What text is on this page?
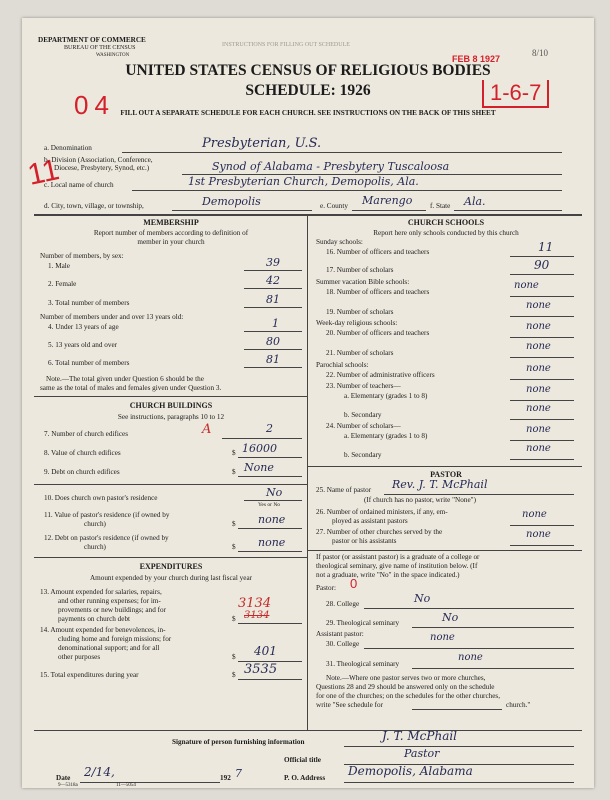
DEPARTMENT OF COMMERCE
BUREAU OF THE CENSUS
WASHINGTON
INSTRUCTIONS FOR FILLING OUT SCHEDULE
UNITED STATES CENSUS OF RELIGIOUS BODIES
SCHEDULE: 1926
FILL OUT A SEPARATE SCHEDULE FOR EACH CHURCH. SEE INSTRUCTIONS ON THE BACK OF THIS SHEET
FEB 8 1927
04	1-6-7
8/10
11
a. Denomination	Presbyterian, U.S.
b. Division (Association, Conference,
Diocese, Presbytery, Synod, etc.)	Synod of Alabama - Presbytery Tuscaloosa
c. Local name of church	1st Presbyterian Church, Demopolis, Ala.
d. City, town, village, or township,	Demopolis	e. County Marengo f. State Ala.
MEMBERSHIP
Report number of members according to definition of
member in your church
Number of members, by sex:
1. Male	39
2. Female	42
3. Total number of members	81
Number of members under and over 13 years old:
4. Under 13 years of age	1
5. 13 years old and over	80
6. Total number of members	81
Note.—The total given under Question 6 should be the
same as the total of males and females given under Question 3.
CHURCH BUILDINGS
See instructions, paragraphs 10 to 12
7. Number of church edifices	A	2
8. Value of church edifices	$ 16000
9. Debt on church edifices	$ None
10. Does church own pastor's residence	No
Yes or No
11. Value of pastor's residence (if owned by
church)	$ none
12. Debt on pastor's residence (if owned by
church)	$ none
EXPENDITURES
Amount expended by your church during last fiscal year
13. Amount expended for salaries, repairs,
and other running expenses; for im-
provements or new buildings; and for
payments on church debt
3134
3134
$
14. Amount expended for benevolences, in-
cluding home and foreign missions; for
denominational support; and for all
other purposes	$ 401
15. Total expenditures during year	$ 3535
CHURCH SCHOOLS
Report here only schools conducted by this church
Sunday schools:
16. Number of officers and teachers	11
17. Number of scholars	90
Summer vacation Bible schools:
18. Number of officers and teachers
none
19. Number of scholars
none
Week-day religious schools:
20. Number of officers and teachers
none
21. Number of scholars
none
Parochial schools:
22. Number of administrative officers
none
23. Number of teachers—
a. Elementary (grades 1 to 8)
none
b. Secondary
none
24. Number of scholars—
a. Elementary (grades 1 to 8)
none
b. Secondary
none
PASTOR
25. Name of pastor Rev. J. T. McPhail
(If church has no pastor, write "None")
26. Number of ordained ministers, if any, em-
ployed as assistant pastors
none
27. Number of other churches served by the
pastor or his assistants
none
If pastor (or assistant pastor) is a graduate of a college or
theological seminary, give name of institution below. (If
not a graduate, write "No" in the space indicated.)
Pastor: 0
28. College	No
29. Theological seminary	No
Assistant pastor:
30. College
none
31. Theological seminary
none
Note.—Where one pastor serves two or more churches,
Questions 28 and 29 should be answered only on the schedule
for one of the churches; on the schedules for the other churches,
write "See schedule for	church."
Signature of person furnishing information	J. T. McPhail
Official title	Pastor
Date 2/14,	192 7	P. O. Address Demopolis, Alabama
9—5318a	11—5054
